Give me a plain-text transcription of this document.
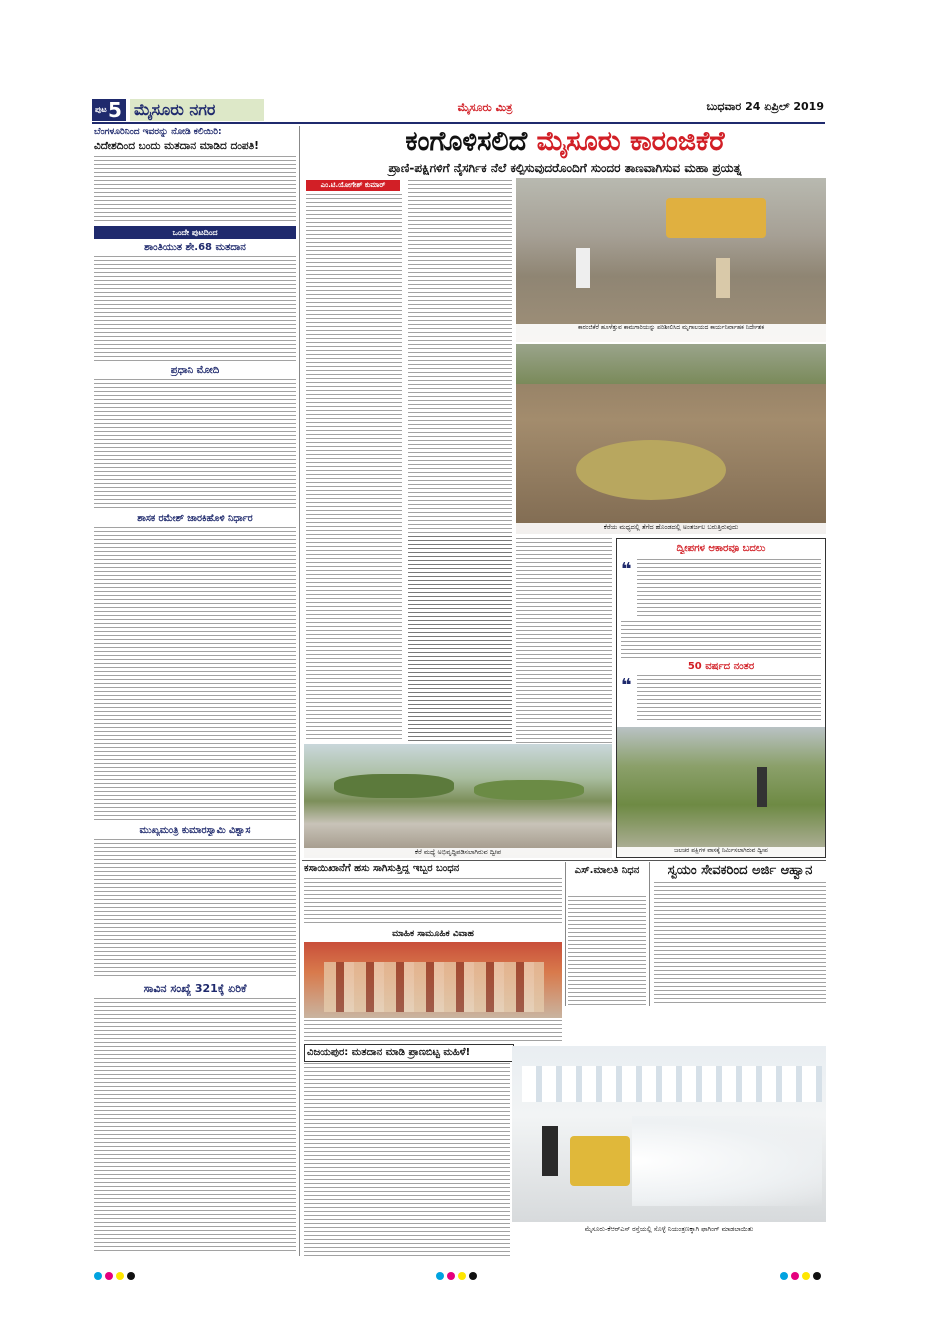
ಪುಟ 5 ಮೈಸೂರು ನಗರ	ಮೈಸೂರು ಮಿತ್ರ	ಬುಧವಾರ 24 ಏಪ್ರಿಲ್ 2019
ಬೆಂಗಳೂರಿನಿಂದ ಇವರನ್ನು ನೋಡಿ ಕಲಿಯಿರಿ:
ವಿದೇಶದಿಂದ ಬಂದು ಮತದಾನ ಮಾಡಿದ ದಂಪತಿ!
ಒಂದೇ ಪುಟದಿಂದ
ಶಾಂತಿಯುತ ಶೇ.68 ಮತದಾನ
ಪ್ರಧಾನಿ ಮೋದಿ
ಶಾಸಕ ರಮೇಶ್ ಜಾರಕಿಹೊಳಿ ನಿರ್ಧಾರ
ಮುಖ್ಯಮಂತ್ರಿ ಕುಮಾರಸ್ವಾಮಿ ವಿಶ್ವಾಸ
ಸಾವಿನ ಸಂಖ್ಯೆ 321ಕ್ಕೆ ಏರಿಕೆ
ಕಂಗೊಳಿಸಲಿದೆ ಮೈಸೂರು ಕಾರಂಜಿಕೆರೆ
ಪ್ರಾಣಿ-ಪಕ್ಷಿಗಳಿಗೆ ನೈಸರ್ಗಿಕ ನೆಲೆ ಕಲ್ಪಿಸುವುದರೊಂದಿಗೆ ಸುಂದರ ತಾಣವಾಗಿಸುವ ಮಹಾ ಪ್ರಯತ್ನ
ಎಂ.ಟಿ.ಯೋಗೇಶ್ ಕುಮಾರ್
ಕಾರಂಜಿಕೆರೆ ಹೂಳೆತ್ತುವ ಕಾಮಗಾರಿಯನ್ನು ಪರಿಶೀಲಿಸಿದ ಮೃಗಾಲಯದ ಕಾರ್ಯನಿರ್ವಾಹಕ ನಿರ್ದೇಶಕ
ಕೆರೆಯ ಮಧ್ಯದಲ್ಲಿ ತೆಗೆದ ಹೊಂಡದಲ್ಲಿ ಅಂತರ್ಜಲ ಬರುತ್ತಿರುವುದು
ಕೆರೆ ಮಧ್ಯೆ ಅಭಿವೃದ್ಧಿಪಡಿಸಲಾಗಿರುವ ದ್ವೀಪ
ದ್ವೀಪಗಳ ಆಕಾರವೂ ಬದಲು
❝
50 ವರ್ಷದ ನಂತರ
❝
ಜಲಚರ ಪಕ್ಷಿಗಳ ವಾಸಕ್ಕೆ ನಿರ್ಮಿಸಲಾಗಿರುವ ದ್ವೀಪ
ಕಸಾಯಿಖಾನೆಗೆ ಹಸು ಸಾಗಿಸುತ್ತಿದ್ದ ಇಬ್ಬರ ಬಂಧನ	ಎಸ್.ಮಾಲತಿ ನಿಧನ	ಸ್ವಯಂ ಸೇವಕರಿಂದ ಅರ್ಜಿ ಆಹ್ವಾನ
ಮಾಹಿಕ ಸಾಮೂಹಿಕ ವಿವಾಹ
ವಿಜಯಪುರ: ಮತದಾನ ಮಾಡಿ ಪ್ರಾಣಬಿಟ್ಟ ಮಹಿಳೆ!
ಮೈಸೂರು-ಕೆಆರ್‌ಎಸ್ ರಸ್ತೆಯಲ್ಲಿ ಸೊಳ್ಳೆ ನಿಯಂತ್ರಣಕ್ಕಾಗಿ ಫಾಗಿಂಗ್ ಮಾಡಲಾಯಿತು
